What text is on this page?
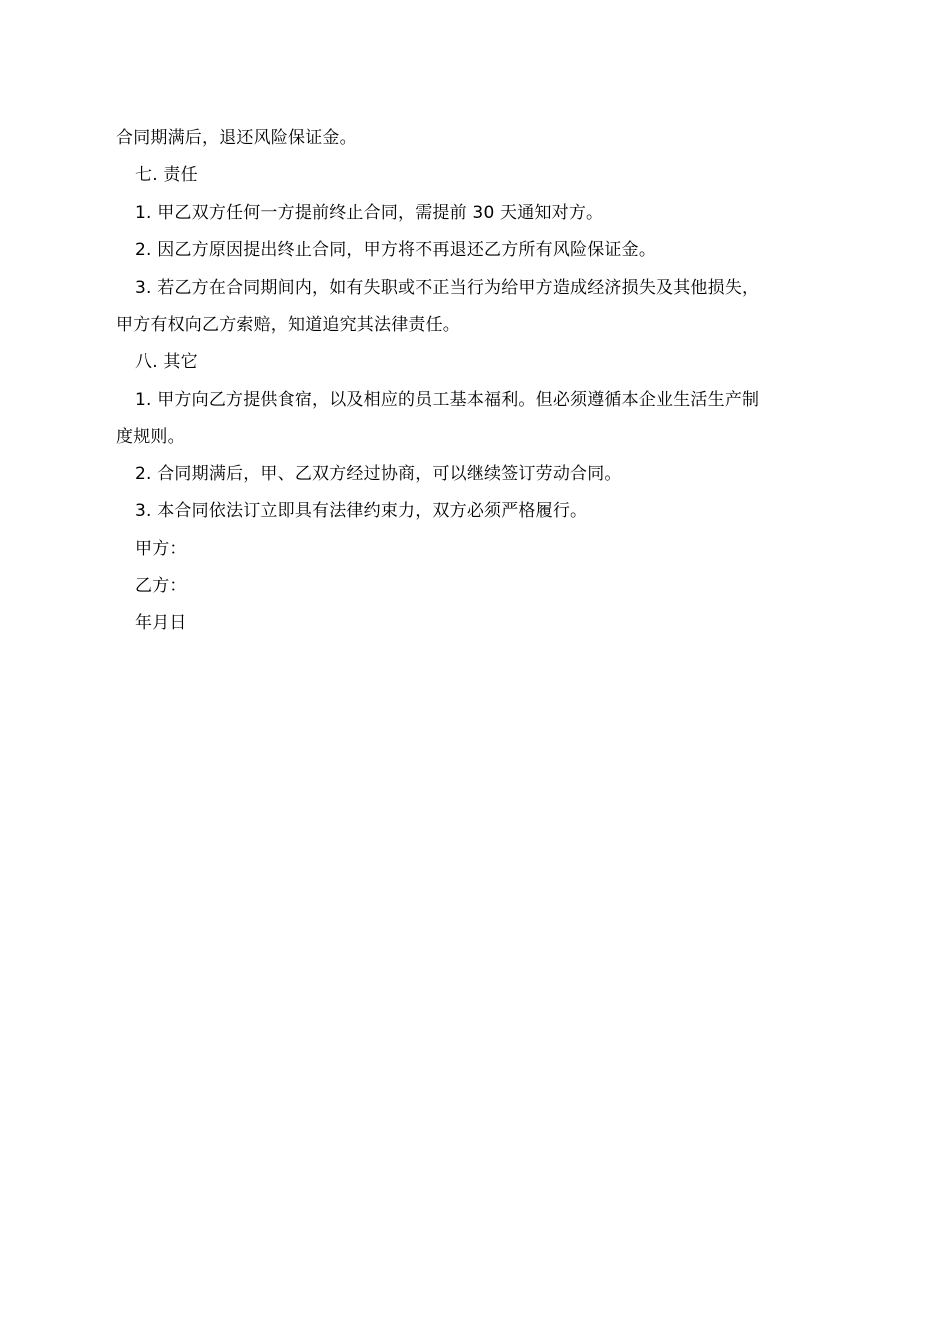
合同期满后，退还风险保证金。
七. 责任
1. 甲乙双方任何一方提前终止合同，需提前 30 天通知对方。
2. 因乙方原因提出终止合同，甲方将不再退还乙方所有风险保证金。
3. 若乙方在合同期间内，如有失职或不正当行为给甲方造成经济损失及其他损失，
甲方有权向乙方索赔，知道追究其法律责任。
八. 其它
1. 甲方向乙方提供食宿，以及相应的员工基本福利。但必须遵循本企业生活生产制
度规则。
2. 合同期满后，甲、乙双方经过协商，可以继续签订劳动合同。
3. 本合同依法订立即具有法律约束力，双方必须严格履行。
甲方：
乙方：
年月日
